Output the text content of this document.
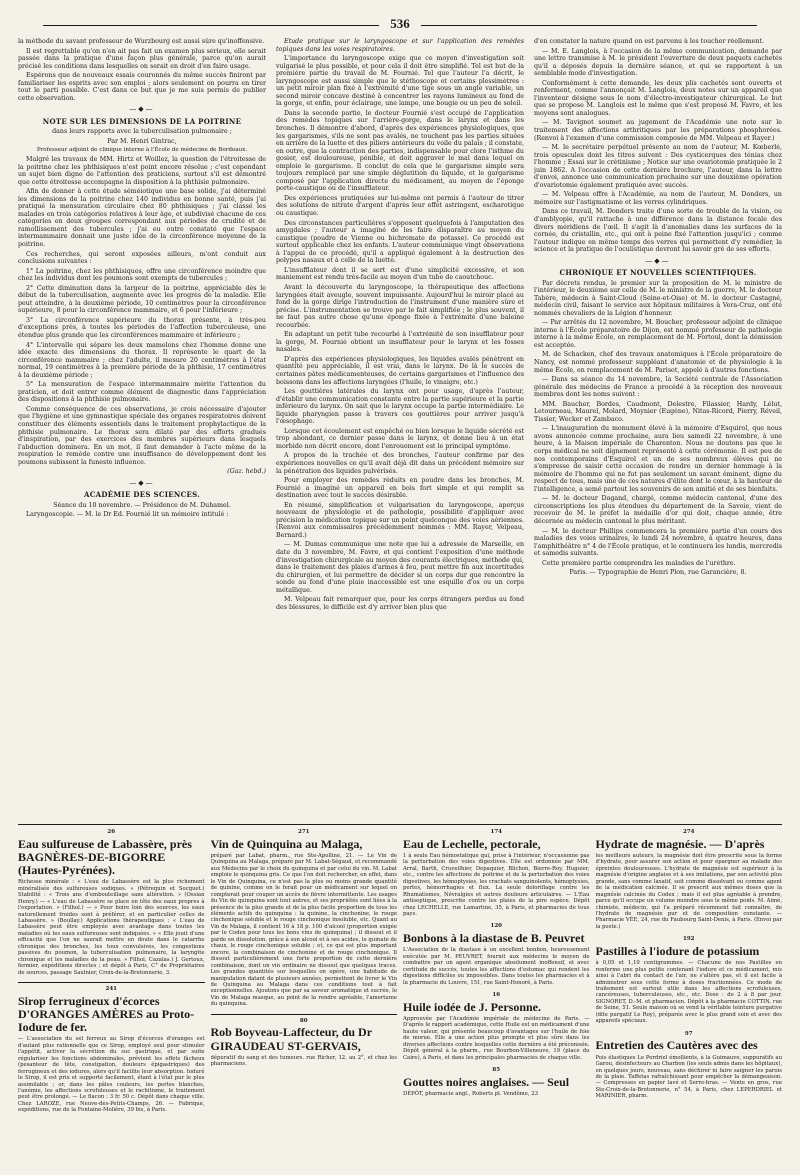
536

la méthode du savant professeur de Wurzbourg est aussi sûre qu'inoffensive.

Il est regrettable qu'on n'en ait pas fait un examen plus sérieux, elle serait passée dans la pratique d'une façon plus générale, parce qu'on aurait précisé les conditions dans lesquelles on serait en droit d'en faire usage.

Espérons que de nouveaux essais couronnés du même succès finiront par familiariser les esprits avec son emploi ; alors seulement on pourra en tirer tout le parti possible. C'est dans ce but que je me suis permis de publier cette observation.

—◆—

NOTE SUR LES DIMENSIONS DE LA POITRINE

dans leurs rapports avec la tuberculisation pulmonaire ;

Par M. Henri Gintrac,

Professeur adjoint de clinique interne à l'École de médecine de Bordeaux.

Malgré les travaux de MM. Hirtz et Woillez, la question de l'étroitesse de la poitrine chez les phthisiques n'est point encore résolue ; c'est cependant un sujet bien digne de l'attention des praticiens, surtout s'il est démontré que cette étroitesse accompagne la disposition à la phthisie pulmonaire.

Afin de donner à cette étude séméiotique une base solide, j'ai déterminé les dimensions de la poitrine chez 140 individus en bonne santé, puis j'ai pratiqué la mensuration circulaire chez 80 phthisiques ; j'ai classé les malades en trois catégories relatives à leur âge, et subdivisé chacune de ces catégories en deux groupes correspondant aux périodes de crudité et de ramollissement des tubercules ; j'ai eu outre constaté que l'espace intermammaire donnait une juste idée de la circonférence moyenne de la poitrine.

Ces recherches, qui seront exposées ailleurs, m'ont conduit aux conclusions suivantes :

1° La poitrine, chez les phthisiques, offre une circonférence moindre que chez les individus dont les poumons sont exempts de tubercules ;

2° Cette diminution dans la largeur de la poitrine, appréciable dès le début de la tuberculisation, augmente avec les progrès de la maladie. Elle peut atteindre, à la deuxième période, 10 centimètres pour la circonférence supérieure, 8 pour la circonférence mammaire, et 6 pour l'inférieure ;

3° La circonférence supérieure du thorax présente, à très-peu d'exceptions près, à toutes les périodes de l'affection tuberculeuse, une étendue plus grande que les circonférences mammaire et inférieure ;

4° L'intervalle qui sépare les deux mamelons chez l'homme donne une idée exacte des dimensions du thorax. Il représente le quart de la circonférence mammaire ; chez l'adulte, il mesure 20 centimètres à l'état normal, 19 centimètres à la première période de la phthisie, 17 centimètres à la deuxième période ;

5° La mensuration de l'espace intermammaire mérite l'attention du praticien, et doit entrer comme élément de diagnostic dans l'appréciation des dispositions à la phthisie pulmonaire.

Comme conséquence de ces observations, je crois nécessaire d'ajouter que l'hygiène et une gymnastique spéciale des organes respiratoires doivent constituer des éléments essentiels dans le traitement prophylactique de la phthisie pulmonaire. Le thorax sera dilaté par des efforts gradués d'inspiration, par des exercices des membres supérieurs dans lesquels l'abduction dominera. En un mot, il faut demander à l'acte même de la respiration le remède contre une insuffisance de développement dont les poumons subissent la funeste influence.

(Gaz. hebd.)

—◆—

ACADÉMIE DES SCIENCES.

Séance du 10 novembre. — Présidence de M. Duhamel.

Laryngoscopie. — M. le Dr Ed. Fournié lit un mémoire intitulé :

Étude pratique sur le laryngoscope et sur l'application des remèdes topiques dans les voies respiratoires.

L'importance du laryngoscope exige que ce moyen d'investigation soit vulgarisé le plus possible, et pour cela il doit être simplifié. Tel est but de la première partie du travail de M. Fournié. Tel que l'auteur l'a décrit, le laryngoscope est aussi simple que le stéthoscope et certains plessimètres : un petit miroir plan fixé à l'extrémité d'une tige sous un angle variable, un second miroir concave destiné à concentrer les rayons lumineux au fond de la gorge, et enfin, pour éclairage, une lampe, une bougie ou un peu de soleil.

Dans la seconde partie, le docteur Fournié s'est occupé de l'application des remèdes topiques sur l'arrière-gorge, dans le larynx et dans les bronches. Il démontre d'abord, d'après des expériences physiologiques, que les gargarismes, s'ils ne sont pas avalés, ne touchent pas les parties situées en arrière de la luette et des piliers antérieurs du voile du palais ; il constate, en outre, que la contraction des parties, indispensable pour clore l'isthme du gosier, est douloureuse, pénible, et doit aggraver le mal dans lequel on emploie le gargarisme. Il conclut de cela que le gargarisme simple sera toujours remplacé par une simple déglutition du liquide, et le gargarisme composé par l'application directe du médicament, au moyen de l'éponge porte-caustique ou de l'insufflateur.

Des expériences pratiquées sur lui-même ont permis à l'auteur de titrer des solutions de nitrate d'argent d'après leur effet astringent, escharotique ou caustique.

Des circonstances particulières s'opposent quelquefois à l'amputation des amygdales ; l'auteur a imaginé de les faire disparaître au moyen du caustique (poudre de Vienne ou bichromate de potasse). Ce procédé est surtout applicable chez les enfants. L'auteur communique vingt observations à l'appui de ce procédé, qu'il a appliqué également à la destruction des polypes nasaux et à celle de la luette.

L'insufflateur dont il se sert est d'une simplicité excessive, et son maniement est rendu très-facile au moyen d'un tube de caoutchouc.

Avant la découverte du laryngoscope, la thérapeutique des affections laryngées était aveugle, souvent impuissante. Aujourd'hui le miroir placé au fond de la gorge dirige l'introduction de l'instrument d'une manière sûre et précise. L'instrumentation se trouve par le fait simplifiée ; le plus souvent, il ne faut pas autre chose qu'une éponge fixée à l'extrémité d'une baleine recourbée.

En adaptant un petit tube recourbé à l'extrémité de son insufflateur pour la gorge, M. Fournié obtient un insufflateur pour le larynx et les fosses nasales.

D'après des expériences physiologiques, les liquides avalés pénètrent en quantité peu appréciable, il est vrai, dans le larynx. De là le succès de certaines pâtes médicamenteuses, de certains gargarismes et l'influence des boissons dans les affections laryngées (l'huile, le vinaigre, etc.)

Les gouttières latérales du larynx ont pour usage, d'après l'auteur, d'établir une communication constante entre la partie supérieure et la partie inférieure du larynx. On sait que le larynx occupe la partie intermédiaire. Le liquide pharyngien passe à travers ces gouttières pour arriver jusqu'à l'œsophage.

Lorsque cet écoulement est empêché ou bien lorsque le liquide sécrété est trop abondant, ce dernier passe dans le larynx, et donne lieu à un état morbide non décrit encore, dont l'enrouement est le principal symptôme.

A propos de la trachée et des bronches, l'auteur confirme par des expériences nouvelles ce qu'il avait déjà dit dans un précédent mémoire sur la pénétration des liquides pulvérisés.

Pour employer des remèdes réduits en poudre dans les bronches, M. Fournié a imaginé un appareil en bois fort simple et qui remplit sa destination avec tout le succès désirable.

En résumé, simplification et vulgarisation du laryngoscope, aperçus nouveaux de physiologie et de pathologie, possibilité d'appliquer avec précision la médication topique sur un point quelconque des voies aériennes. (Renvoi aux commissaires précédemment nommés : MM. Rayer, Velpeau, Bernard.)

— M. Dumas communique une note que lui a adressée de Marseille, en date du 3 novembre, M. Favre, et qui contient l'exposition d'une méthode d'investigation chirurgicale au moyen des courants électriques, méthode qui, dans le traitement des plaies d'armes à feu, peut mettre fin aux incertitudes du chirurgien, et lui permettre de décider si un corps dur que rencontre la sonde au fond d'une plaie inaccessible est une esquille d'os ou un corps métallique.

M. Velpeau fait remarquer que, pour les corps étrangers perdus au fond des blessures, le difficile est d'y arriver bien plus que

d'en constater la nature quand on est parvenu à les toucher réellement.

— M. E. Langlois, à l'occasion de la même communication, demande par une lettre transmise à M. le président l'ouverture de deux paquets cachetés qu'il a déposés depuis la dernière séance, et qui se rapportent à un semblable mode d'investigation.

Conformément à cette demande, les deux plis cachetés sont ouverts et renferment, comme l'annonçait M. Langlois, deux notes sur un appareil que l'inventeur désigne sous le nom d'électro-investigateur chirurgical. Le but que se propose M. Langlois est le même que s'est proposé M. Favre, et les moyens sont analogues.

— M. Tavignot soumet au jugement de l'Académie une note sur le traitement des affections arthritiques par les préparations phosphorées. (Renvoi à l'examen d'une commission composée de MM. Velpeau et Rayer.)

— M. le secrétaire perpétuel présente au nom de l'auteur, M. Kœberlé, trois opuscules dont les titres suivent : Des cysticerques des ténias chez l'homme ; Essai sur le crétinisme ; Notice sur une ovariotomie pratiquée le 2 juin 1862. A l'occasion de cette dernière brochure, l'auteur, dans la lettre d'envoi, annonce une communication prochaine sur une deuxième opération d'ovariotomie également pratiquée avec succès.

— M. Velpeau offre à l'Académie, au nom de l'auteur, M. Donders, un mémoire sur l'astigmatisme et les verres cylindriques.

Dans ce travail, M. Donders traite d'une sorte de trouble de la vision, ou d'amblyopie, qu'il rattache à une différence dans la distance focale des divers méridiens de l'œil. Il s'agit là d'anomalies dans les surfaces de la cornée, du cristallin, etc., qui ont à peine fixé l'attention jusqu'ici ; comme l'auteur indique en même temps des verres qui permettent d'y remédier, la science et la pratique de l'oculistique devront lui savoir gré de ses efforts.

—◆—

CHRONIQUE ET NOUVELLES SCIENTIFIQUES.

Par décrets rendus, le premier sur la proposition de M. le ministre de l'intérieur, le deuxième sur celle de M. le ministre de la guerre, M. le docteur Tabère, médecin à Saint-Cloud (Seine-et-Oise) et M. le docteur Castagné, médecin civil, faisant le service aux hôpitaux militaires à Vera-Cruz, ont été nommés chevaliers de la Légion d'honneur.

— Par arrêtés du 12 novembre, M. Boucher, professeur adjoint de clinique interne à l'École préparatoire de Dijon, est nommé professeur de pathologie interne à la même École, en remplacement de M. Fortoul, dont la démission est acceptée.

M. de Schacken, chef des travaux anatomiques à l'École préparatoire de Nancy, est nommé professeur suppléant d'anatomie et de physiologie à la même École, en remplacement de M. Parisot, appelé à d'autres fonctions.

— Dans sa séance du 14 novembre, la Société centrale de l'Association générale des médecins de France a procédé à la réception des nouveaux membres dont les noms suivent :

MM. Baucher, Bordes, Caudmont, Delestre, Filassier, Hardy, Lélut, Letourneau, Maurel, Molard, Moynier (Eugène), Nitas-Ricord, Pierry, Réveil, Tissier, Wecker et Zambaco.

— L'inauguration du monument élevé à la mémoire d'Esquirol, que nous avons annoncée comme prochaine, aura lieu samedi 22 novembre, à une heure, à la Maison impériale de Charenton. Nous ne doutons pas que le corps médical ne soit dignement représenté à cette cérémonie. Il est peu de nos contemporains d'Esquirol et un de ses nombreux élèves qui ne s'empresse de saisir cette occasion de rendre un dernier hommage à la mémoire de l'homme qui ne fut pas seulement un savant éminent, digne du respect de tous, mais une de ces natures d'élite dont le cœur, à la hauteur de l'intelligence, a semé partout les souvenirs de son amitié et de ses bienfaits.

— M. le docteur Dagand, chargé, comme médecin cantonal, d'une des circonscriptions les plus étendues du département de la Savoie, vient de recevoir de M. le préfet la médaille d'or qui doit, chaque année, être décernée au médecin cantonal le plus méritant.

— M. le docteur Phillips commencera la première partie d'un cours des maladies des voies urinaires, le lundi 24 novembre, à quatre heures, dans l'amphithéâtre n° 4 de l'École pratique, et le continuera les lundis, mercredis et samedis suivants.

Cette première partie comprendra les maladies de l'urèthre.

Paris. — Typographie de Henri Plon, rue Garancière, 8.

26
Eau sulfureuse de Labassère, près BAGNÈRES-DE-BIGORRE (Hautes-Pyrénées).

Richesse minérale : « L'eau de Labassère est la plus richement minéralisée des sulfureuses sodiques. » (Pétrequin et Socquet.) Stabilité : « Trois ans d'embouteillage sans altération. » (Ossian Henry.) — « L'eau de Labassère se place en tête des eaux propres à l'exportation. » (Filhol.) — « Pour boire loin des sources, les eaux naturellement froides sont à préférer, et en particulier celles de Labassère. » (Boullay.) Applications thérapeutiques : « L'eau de Labassère peut être employée avec avantage dans toutes les maladies où les eaux sulfureuses sont indiquées. » « Elle jouit d'une efficacité que l'on ne saurait mettre en doute dans le catarrhe chronique des bronches, les toux convulsives, les congestions passives du poumon, la tuberculisation pulmonaire, la laryngite chronique et les maladies de la peau. » Filhol, Cazalas.) J. Gertoux, fermier, expéditions directes ; et dépôt à Paris, C° de Propriétaires de sources, passage Saulnier, Croix-de-la-Bretonnerie, 3.

241
Sirop ferrugineux d'écorces D'ORANGES AMÈRES au Proto-Iodure de fer.

— L'association du sel ferreux au Sirop d'écorces d'oranges est d'autant plus rationnelle que ce Sirop, employé seul pour stimuler l'appétit, activer la sécrétion du suc gastrique, et par suite régulariser les fonctions abdominales, prévient les effets fâcheux (pesanteur de tête, constipation, douleurs épigastriques) des ferrugineux et des iodures, alors qu'il facilite leur absorption. Ioduré le Sirop, il est prix et supporté facilement, étant à l'état pur le plus assimilable ; or, dans les pâles couleurs, les pertes blanches, l'anémie, les affections scrofuleuses et le rachitisme, le traitement peut être prolongé. — Le flacon : 3 fr. 50 c. Dépôt dans chaque ville. Chez LAROZE, rue Neuve-des-Petits-Champs, 26. — Fabrique, expéditions, rue de la Fontaine-Molière, 39 bis, à Paris.

271
Vin de Quinquina au Malaga,

préparé par Labat, pharm., rue Ste-Apolline, 21. — Le Vin de Quinquina au Malaga, préparé par M. Labat-Ségaud, et recommandé aux Médecins par le choix du quinquina et par celui du vin. M. Labat emploie le quinquina gris. Ce que l'on doit rechercher, en effet, dans le Vin de Quinquina, ce n'est pas la plus ou moins grande quantité de quinine, comme on le ferait pour un médicament sur lequel on compterait pour couper un accès de fièvre intermittente. Les usages du Vin de quinquina sont tout autres, et ses propriétés sont liées à la présence de la plus grande et de la plus facile proportion de tous les éléments actifs du quinquina : la quinine, la cinchonine, le rouge cinchonique soluble et le rouge cinchonique insoluble, etc. Quant au Vin de Malaga, il contient 16 à 18 p. 100 d'alcool (proportion exigée par le Codex pour tous les bons vins de quinquina) ; il dissout et il garde en dissolution, grâce à son alcool et à ses acides, le quinate de chaux, le rouge cinchonique soluble ; et, ce qui est plus important encore, la combinaison de cinchonine et de rouge cinchonique. Il dissout particulièrement une forte proportion de cette dernière combinaison, dont un vin ordinaire ne dissout que quelques traces. Les grandes quantités sur lesquelles on opère, une habitude de manipulation datant de plusieurs années, permettent de livrer le Vin de Quinquina au Malaga dans ces conditions tout à fait exceptionnelles. Ajoutons que par sa saveur aromatique et sucrée, le Vin de Malaga masque, au point de la rendre agréable, l'amertume du quinquina.

80
Rob Boyveau-Laffecteur, du Dr GIRAUDEAU ST-GERVAIS,

dépuratif du sang et des tumeurs. rue Richer, 12, au 2°, et chez les pharmaciens.

174
Eau de Lechelle, pectorale,

1 à seule Eau hémostatique qui, prise à l'intérieur, n'occasionne pas la perturbation des voies digestives. Elle est ordonnée par MM. Arral, Barth, Cruveilhier, Depaquier, Blichon, Bierre-Roy, Huguier, etc., contre les affections de poitrine et de la perturbation des voies digestives, les hémoptysies, les crachats sanguinolents, hémoptysies, pertes, hémorrhagies et flux. La seule doloriflage contre les Rhumatismes, Névralgies et autres douleurs articulaires. — L'Eau antiseptique, prescrite contre les plaies de la pire espèce. Dépôt chez LECHELLE, rue Lamartine, 35, à Paris, et pharmacies de tous pays.

120
Bonbons à la diastase de B. Peuvret

L'Association de la diastase à un excellent bonbon, heureusement exécutée par M. PEUVRET, fournit aux médecins le moyen de combattre par un agent organique absolument inoffensif, et avec certitude de succès, toutes les affections d'estomac qui rendent les digestions difficiles ou impossibles. Dans toutes les pharmacies et à la pharmacie du Louvre, 151, rue Saint-Honoré, à Paris.

16
Huile iodée de J. Personne.

Approuvée par l'Académie impériale de médecine de Paris. — D'après le rapport académique, cette Huile est un médicament d'une haute valeur, qui présente beaucoup d'avantages sur l'huile de foie de morue. Elle a une action plus prompte et plus sûre dans les diverses affections contre lesquelles cette dernière a été préconisée. Dépôt général à la pharm., rue Bourbon-Villeneuve, 19 (place du Caire), à Paris, et dans les principales pharmacies de chaque ville.

85
Gouttes noires anglaises. — Seul

DÉPÔT, pharmacie angl., Roberts pl. Vendôme, 23

274
Hydrate de magnésie. — D'après

les meilleurs auteurs, la magnésie doit être prescrite sous la forme d'hydrate, pour assurer son action et pour épargner au malade des épreintes douloureuses. L'hydrate de magnésie est supérieur à la magnésie d'origine anglaise et à ses imitations, par son activité plus grande, sans comme laxatif, soit comme dissolvant ou comme agent de la médication calcinée. Il se prescrit aux mêmes doses que la magnésie calcinée du Codex ; mais il est plus agréable à prendre, parce qu'il occupe un volume moindre sous le même poids. M. Aimé, chimiste, médecin, qui l'a préparé récemment fait connaître, de l'hydrate de magnésie pur et de composition constante. — Pharmacie VÉE, 24, rue du Faubourg Saint-Denis, à Paris. (Envoi par la poste.)

192
Pastilles à l'iodure de potassium

à 0,05 et 1,10 centigrammes. — Chacune de nos Pastilles en renferme une plus petite contenant l'iodure et ce médicament, mis ainsi à l'abri du contact de l'air, ne s'altère pas, et il est facile à administrer sous cette forme à doses fractionnées. Ce mode de traitement est surtout utile dans les affections scrofuleuses, cancéreuses, tuberculeuses, etc., etc. Dose : de 2 à 8 par jour. SIGNORET, D.-M. et pharmacien. Dépôt à la pharmacie COTTIN, rue de Seine, 51. Seule maison où se vend la véritable teinture purgative (dite purgatif Le Roy), préparée avec le plus grand soin et avec des appareils spéciaux.

97
Entretien des Cautères avec des

Pois élastiques Le Perdriel émollients, à la Guimauve, suppuratifs au Garou, désinfecteurs au Charbon (les seuls admis dans les hôpitaux), en quelques jours, nouveau, sans déchirer ni faire saigner les parois de la plaie. Taffetas rafraîchissant pour empêcher la démangeaison. — Compresses en papier lavé et Serre-bras. — Vente en gros, rue Ste-Croix-de-la-Bretonnerie, n° 54, à Paris, chez LEPERDRIEL et MARINIER, pharm.
